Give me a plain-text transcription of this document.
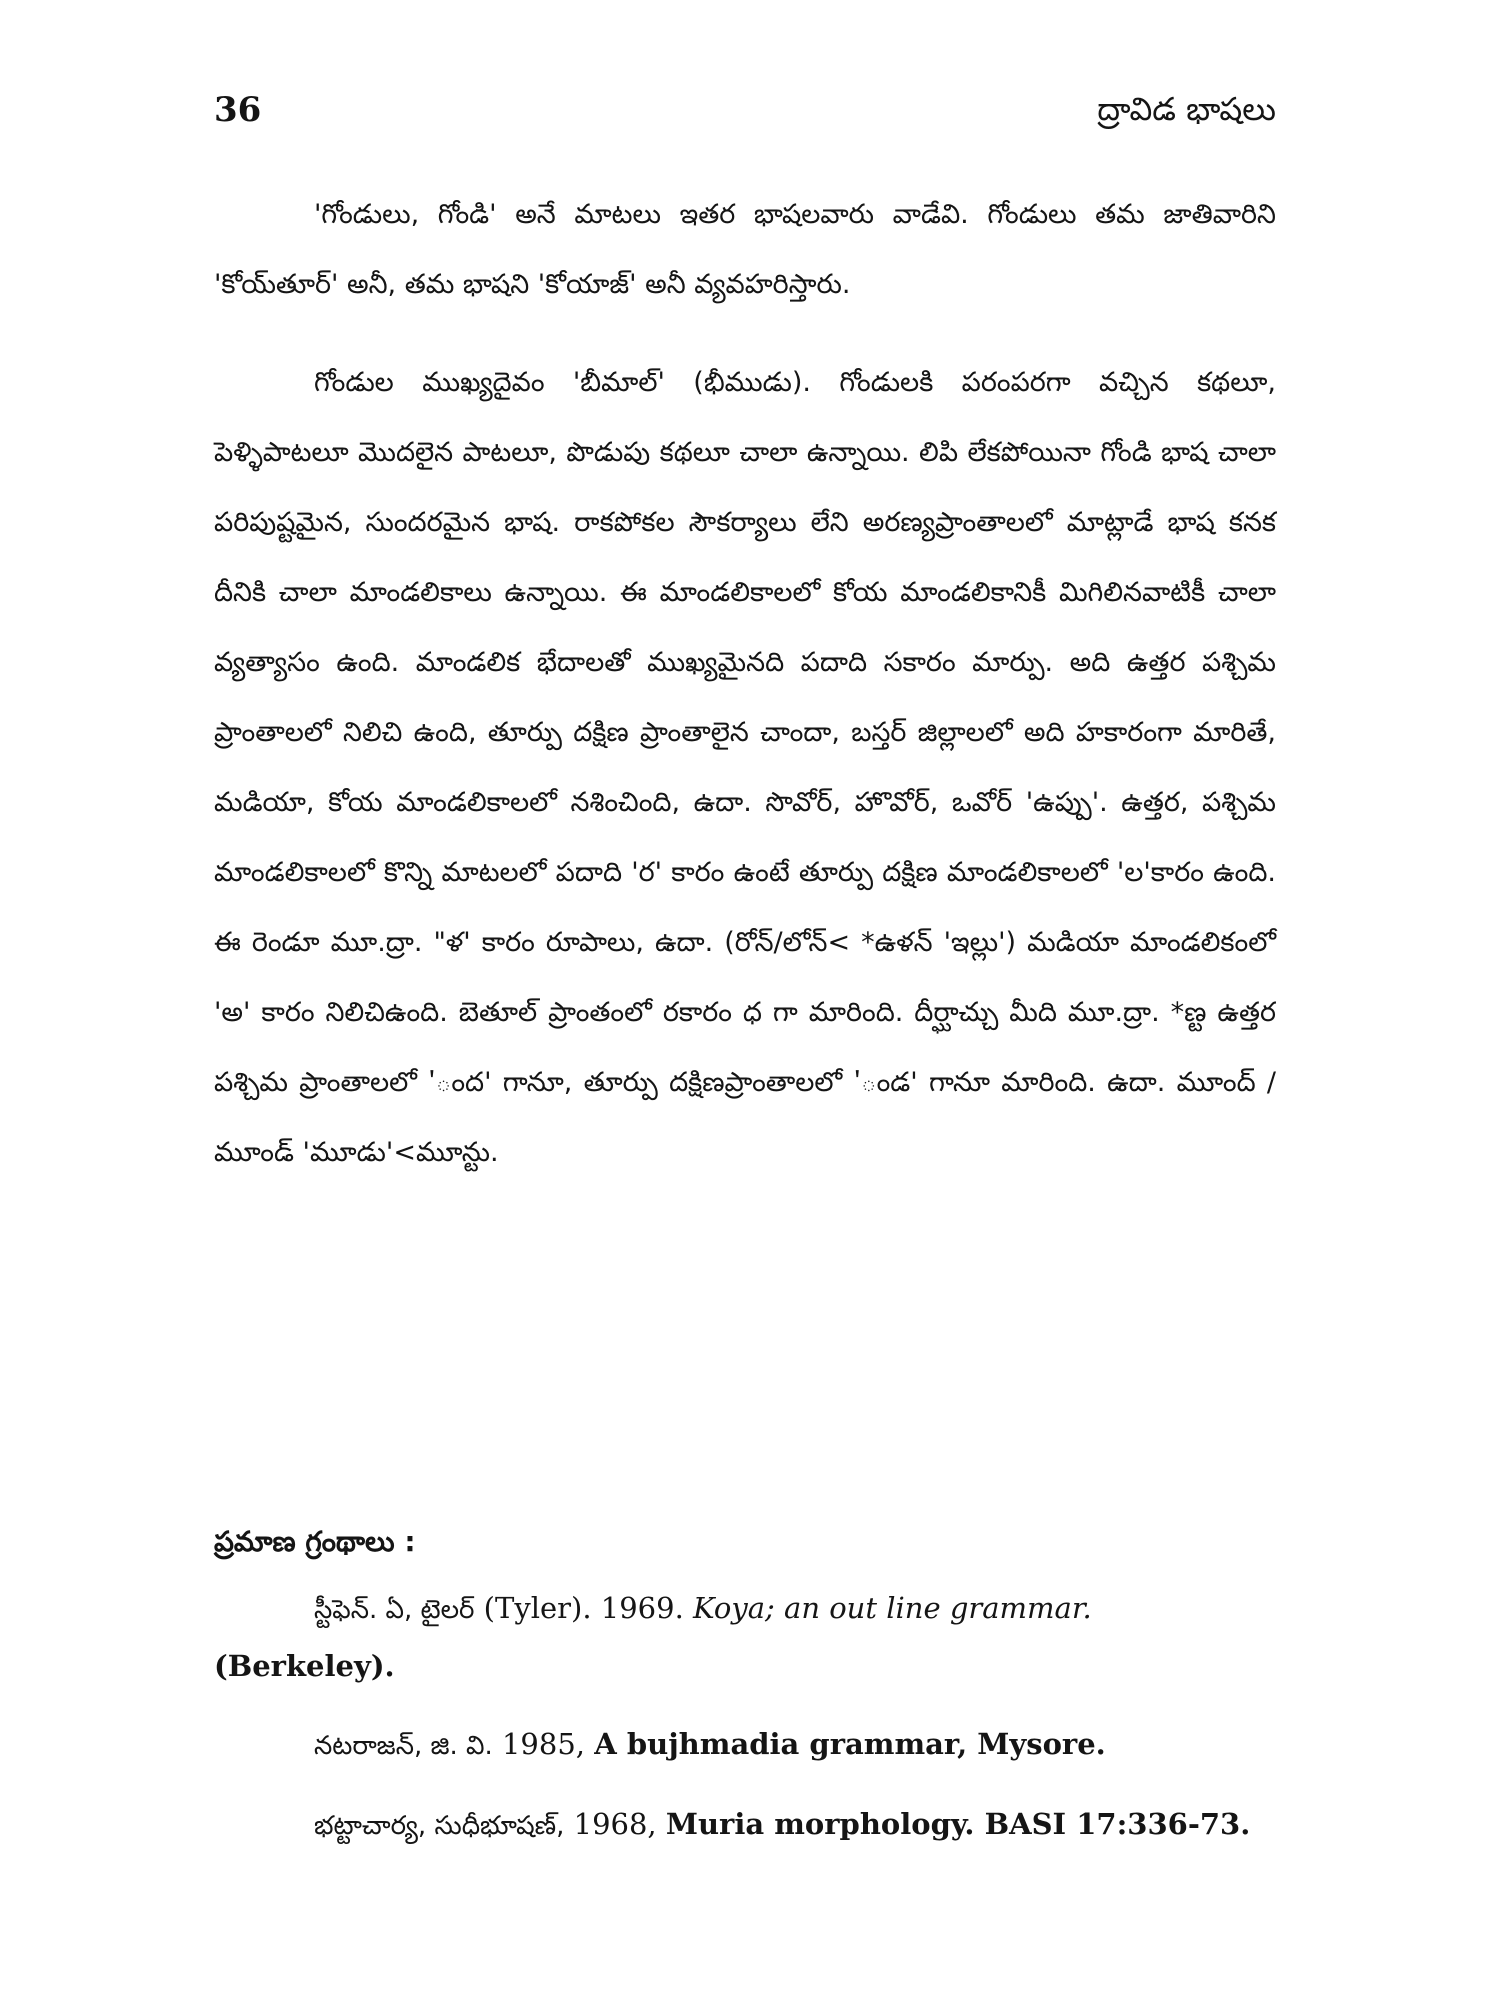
36	ద్రావిడ భాషలు

'గోండులు, గోండి' అనే మాటలు ఇతర భాషలవారు వాడేవి. గోండులు తమ జాతివారిని 'కోయ్‌తూర్' అనీ, తమ భాషని 'కోయాజ్' అనీ వ్యవహరిస్తారు.

గోండుల ముఖ్యదైవం 'బీమాల్' (భీముడు). గోండులకి పరంపరగా వచ్చిన కథలూ, పెళ్ళిపాటలూ మొదలైన పాటలూ, పొడుపు కథలూ చాలా ఉన్నాయి. లిపి లేకపోయినా గోండి భాష చాలా పరిపుష్టమైన, సుందరమైన భాష. రాకపోకల సౌకర్యాలు లేని అరణ్యప్రాంతాలలో మాట్లాడే భాష కనక దీనికి చాలా మాండలికాలు ఉన్నాయి. ఈ మాండలికాలలో కోయ మాండలికానికీ మిగిలినవాటికీ చాలా వ్యత్యాసం ఉంది. మాండలిక భేదాలతో ముఖ్యమైనది పదాది సకారం మార్పు. అది ఉత్తర పశ్చిమ ప్రాంతాలలో నిలిచి ఉంది, తూర్పు దక్షిణ ప్రాంతాలైన చాందా, బస్తర్ జిల్లాలలో అది హకారంగా మారితే, మడియా, కోయ మాండలికాలలో నశించింది, ఉదా. సొవోర్, హొవోర్, ఒవోర్ 'ఉప్పు'. ఉత్తర, పశ్చిమ మాండలికాలలో కొన్ని మాటలలో పదాది 'ర' కారం ఉంటే తూర్పు దక్షిణ మాండలికాలలో 'ల'కారం ఉంది. ఈ రెండూ మూ.ద్రా. "ళ' కారం రూపాలు, ఉదా. (రోన్/లోన్< *ఉళన్ 'ఇల్లు') మడియా మాండలికంలో 'అ' కారం నిలిచిఉంది. బెతూల్ ప్రాంతంలో రకారం ధ గా మారింది. దీర్ఘాచ్చు మీది మూ.ద్రా. *ణ్ట ఉత్తర పశ్చిమ ప్రాంతాలలో 'ంద' గానూ, తూర్పు దక్షిణప్రాంతాలలో 'ండ' గానూ మారింది. ఉదా. మూంద్ / మూండ్ 'మూడు'<మూన్టు.

ప్రమాణ గ్రంథాలు :

స్టీఫెన్. ఏ, టైలర్ (Tyler). 1969. Koya; an out line grammar. (Berkeley).

నటరాజన్, జి. వి. 1985, A bujhmadia grammar, Mysore.

భట్టాచార్య, సుధీభూషణ్, 1968, Muria morphology. BASI 17:336-73.
